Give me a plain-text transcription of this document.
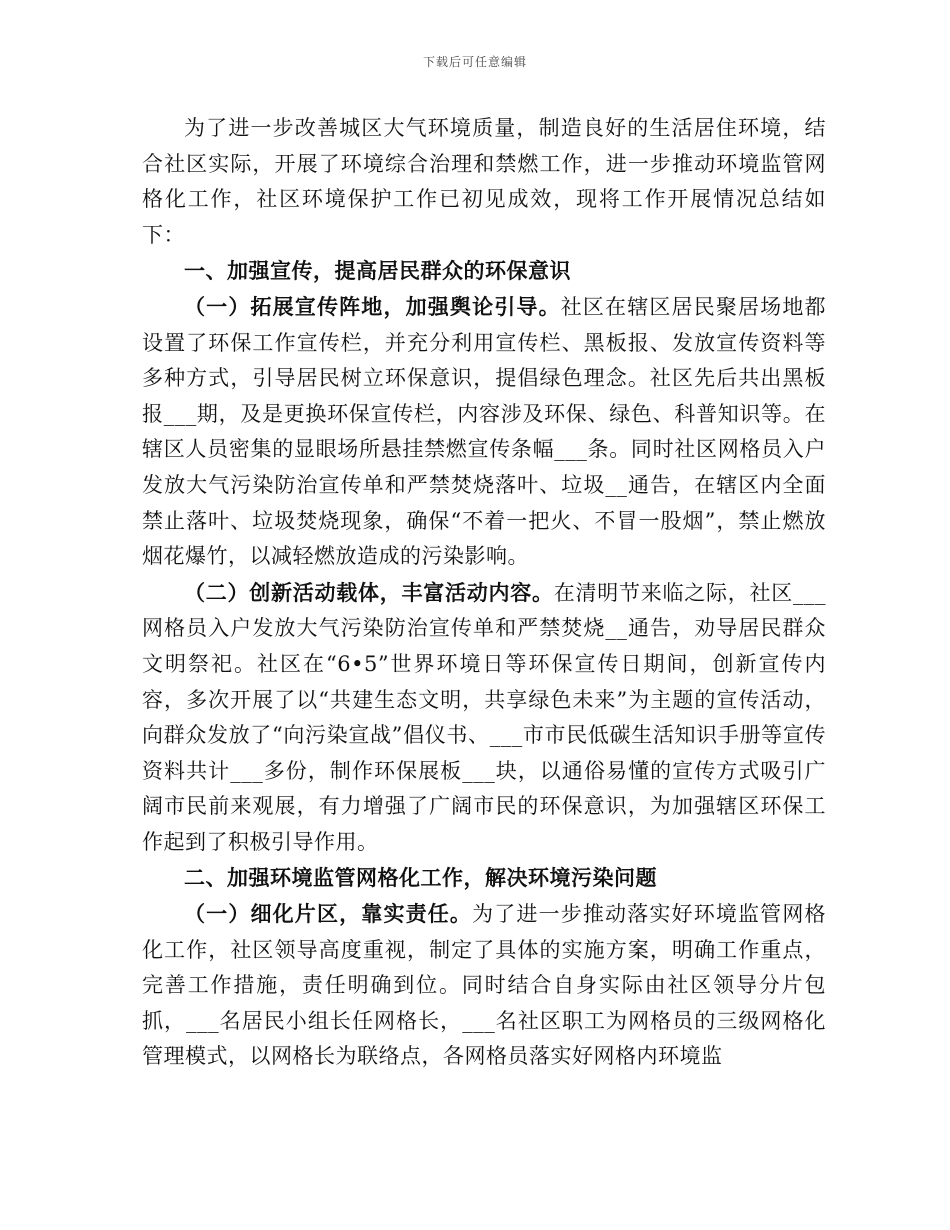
下载后可任意编辑

为了进一步改善城区大气环境质量，制造良好的生活居住环境，结合社区实际，开展了环境综合治理和禁燃工作，进一步推动环境监管网格化工作，社区环境保护工作已初见成效，现将工作开展情况总结如下：

一、加强宣传，提高居民群众的环保意识

（一）拓展宣传阵地，加强舆论引导。社区在辖区居民聚居场地都设置了环保工作宣传栏，并充分利用宣传栏、黑板报、发放宣传资料等多种方式，引导居民树立环保意识，提倡绿色理念。社区先后共出黑板报___期，及是更换环保宣传栏，内容涉及环保、绿色、科普知识等。在辖区人员密集的显眼场所悬挂禁燃宣传条幅___条。同时社区网格员入户发放大气污染防治宣传单和严禁焚烧落叶、垃圾__通告，在辖区内全面禁止落叶、垃圾焚烧现象，确保“不着一把火、不冒一股烟”，禁止燃放烟花爆竹，以减轻燃放造成的污染影响。

（二）创新活动载体，丰富活动内容。在清明节来临之际，社区___网格员入户发放大气污染防治宣传单和严禁焚烧__通告，劝导居民群众文明祭祀。社区在“6•5”世界环境日等环保宣传日期间，创新宣传内容，多次开展了以“共建生态文明，共享绿色未来”为主题的宣传活动，向群众发放了“向污染宣战”倡仪书、___市市民低碳生活知识手册等宣传资料共计___多份，制作环保展板___块，以通俗易懂的宣传方式吸引广阔市民前来观展，有力增强了广阔市民的环保意识，为加强辖区环保工作起到了积极引导作用。

二、加强环境监管网格化工作，解决环境污染问题

（一）细化片区，靠实责任。为了进一步推动落实好环境监管网格化工作，社区领导高度重视，制定了具体的实施方案，明确工作重点，完善工作措施，责任明确到位。同时结合自身实际由社区领导分片包抓，___名居民小组长任网格长，___名社区职工为网格员的三级网格化管理模式，以网格长为联络点，各网格员落实好网格内环境监
